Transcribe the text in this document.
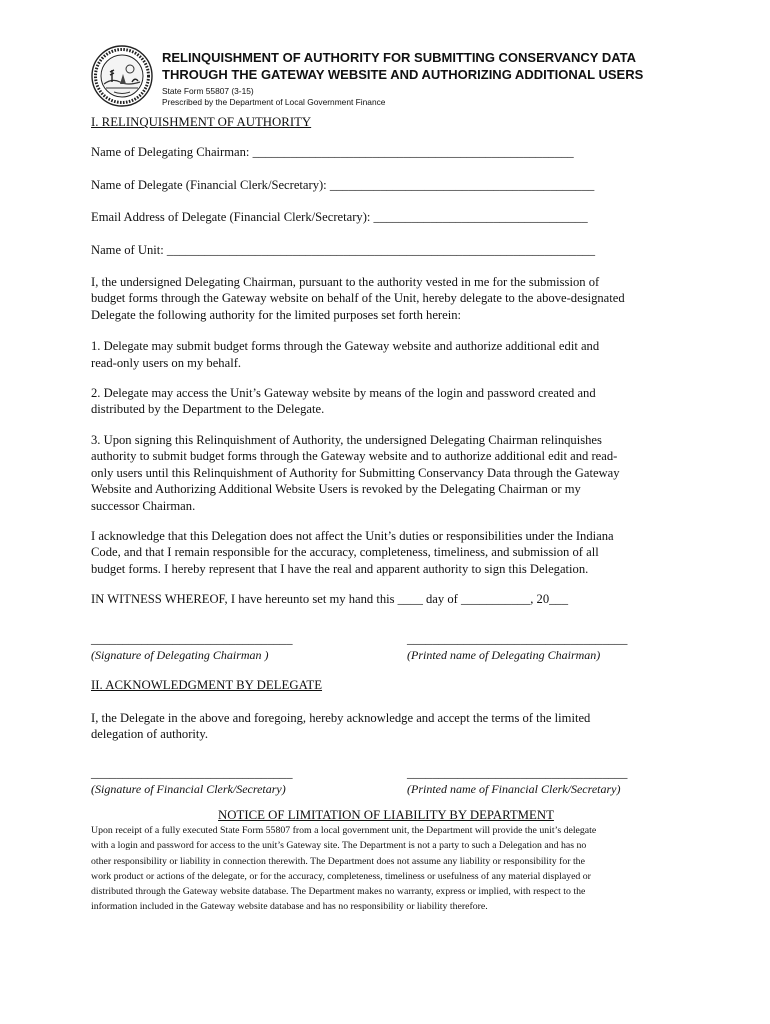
RELINQUISHMENT OF AUTHORITY FOR SUBMITTING CONSERVANCY DATA
THROUGH THE GATEWAY WEBSITE AND AUTHORIZING ADDITIONAL USERS
State Form 55807 (3-15)
Prescribed by the Department of Local Government Finance

I. RELINQUISHMENT OF AUTHORITY

Name of Delegating Chairman: ___________________________________________________
Name of Delegate (Financial Clerk/Secretary): __________________________________________
Email Address of Delegate (Financial Clerk/Secretary): __________________________________
Name of Unit: ____________________________________________________________________

I, the undersigned Delegating Chairman, pursuant to the authority vested in me for the submission of

budget forms through the Gateway website on behalf of the Unit, hereby delegate to the above-designated

Delegate the following authority for the limited purposes set forth herein:

1. Delegate may submit budget forms through the Gateway website and authorize additional edit and

read-only users on my behalf.

2. Delegate may access the Unit’s Gateway website by means of the login and password created and

distributed by the Department to the Delegate.

3. Upon signing this Relinquishment of Authority, the undersigned Delegating Chairman relinquishes

authority to submit budget forms through the Gateway website and to authorize additional edit and read-

only users until this Relinquishment of Authority for Submitting Conservancy Data through the Gateway

Website and Authorizing Additional Website Users is revoked by the Delegating Chairman or my

successor Chairman.

I acknowledge that this Delegation does not affect the Unit’s duties or responsibilities under the Indiana

Code, and that I remain responsible for the accuracy, completeness, timeliness, and submission of all

budget forms. I hereby represent that I have the real and apparent authority to sign this Delegation.

IN WITNESS WHEREOF, I have hereunto set my hand this ____ day of ___________, 20___

________________________________	___________________________________
(Signature of Delegating Chairman )	(Printed name of Delegating Chairman)

II. ACKNOWLEDGMENT BY DELEGATE

I, the Delegate in the above and foregoing, hereby acknowledge and accept the terms of the limited

delegation of authority.

________________________________	___________________________________
(Signature of Financial Clerk/Secretary)	(Printed name of Financial Clerk/Secretary)

NOTICE OF LIMITATION OF LIABILITY BY DEPARTMENT

Upon receipt of a fully executed State Form 55807 from a local government unit, the Department will provide the unit’s delegate
with a login and password for access to the unit’s Gateway site. The Department is not a party to such a Delegation and has no
other responsibility or liability in connection therewith. The Department does not assume any liability or responsibility for the
work product or actions of the delegate, or for the accuracy, completeness, timeliness or usefulness of any material displayed or
distributed through the Gateway website database. The Department makes no warranty, express or implied, with respect to the
information included in the Gateway website database and has no responsibility or liability therefore.
